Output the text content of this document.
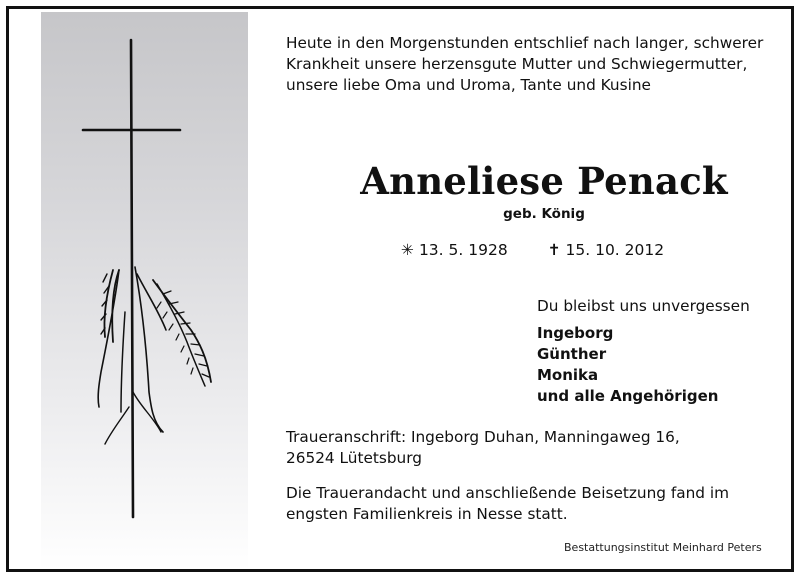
Heute in den Morgenstunden entschlief nach langer, schwerer
Krankheit unsere herzensgute Mutter und Schwiegermutter,
unsere liebe Oma und Uroma, Tante und Kusine
Anneliese Penack
geb. König
✳ 13. 5. 1928	✝ 15. 10. 2012
Du bleibst uns unvergessen
Ingeborg
Günther
Monika
und alle Angehörigen
Traueranschrift: Ingeborg Duhan, Manningaweg 16,
26524 Lütetsburg
Die Trauerandacht und anschließende Beisetzung fand im
engsten Familienkreis in Nesse statt.
Bestattungsinstitut Meinhard Peters
